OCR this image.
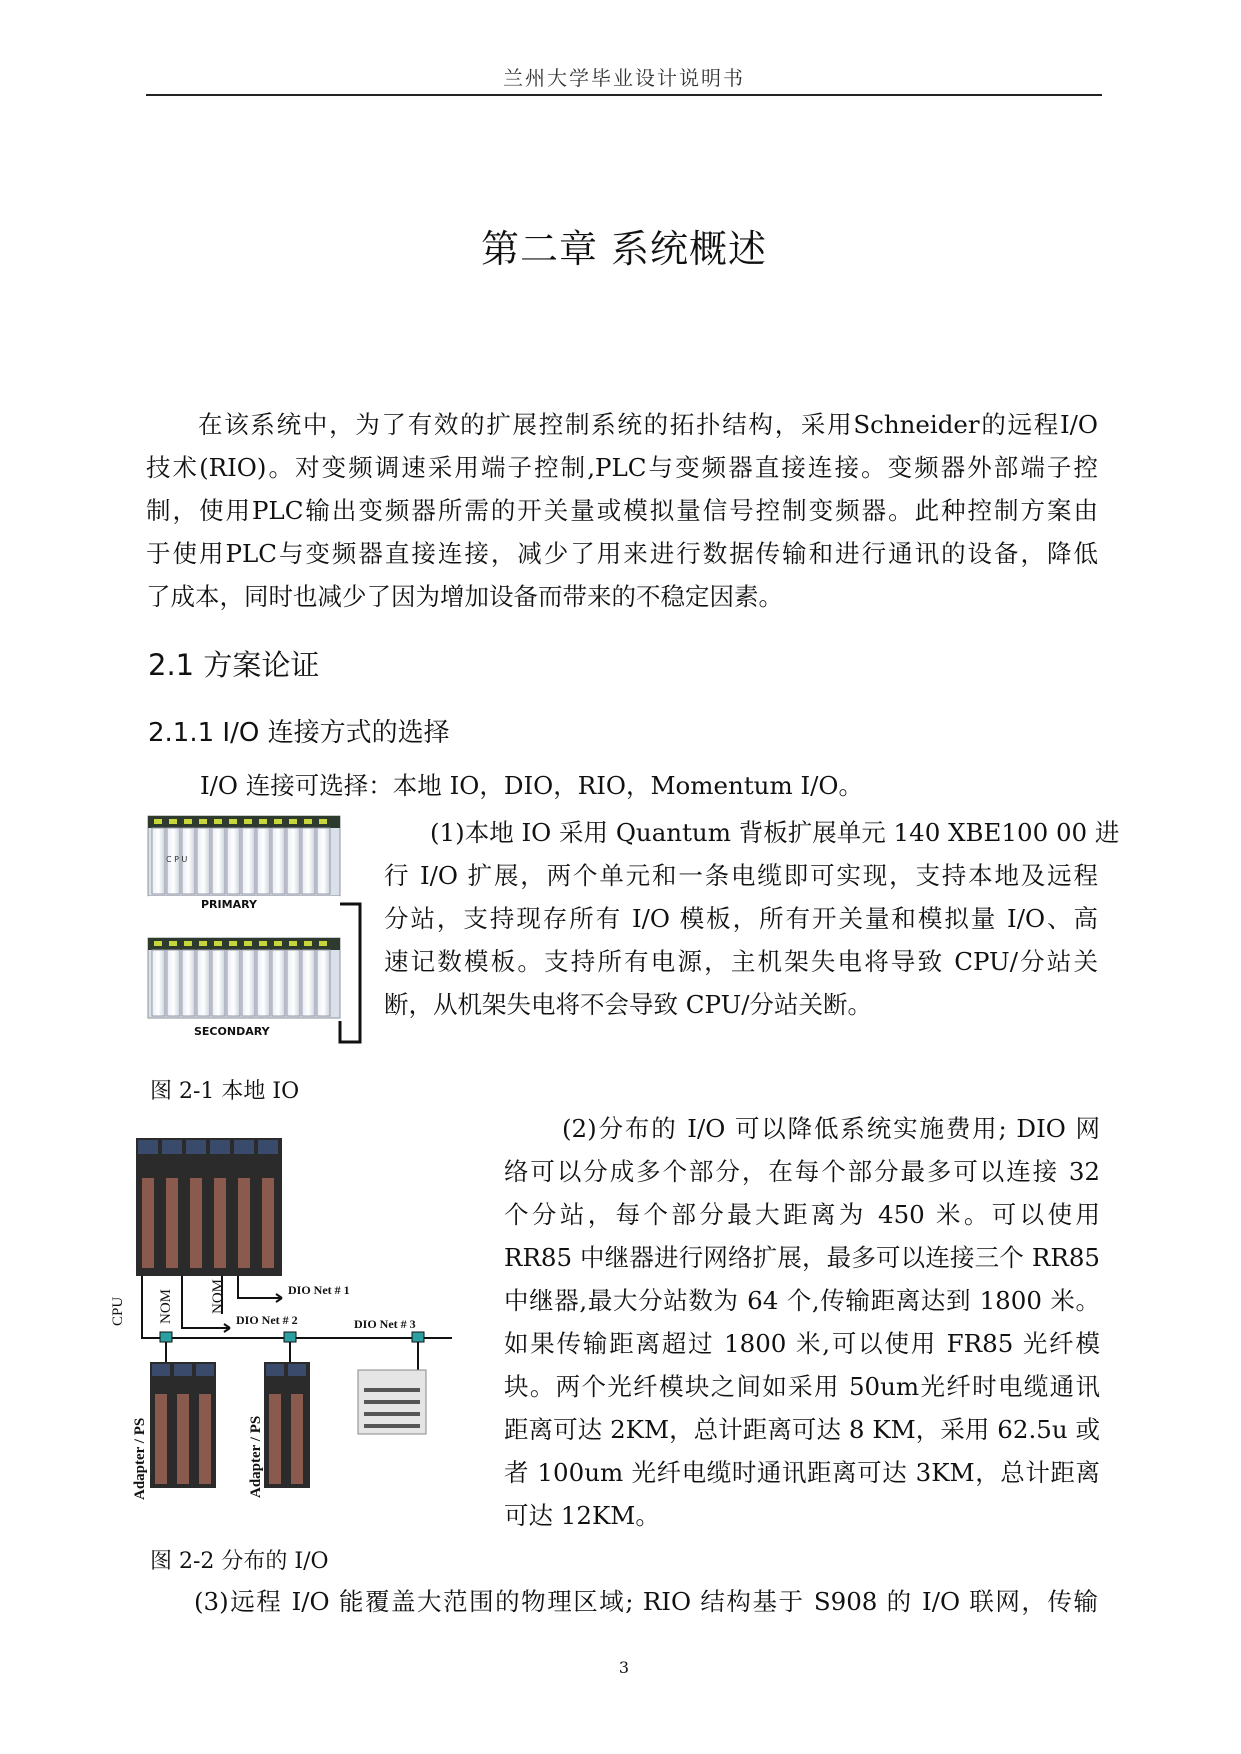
兰州大学毕业设计说明书
第二章 系统概述
在该系统中，为了有效的扩展控制系统的拓扑结构，采用Schneider的远程I/O
技术(RIO)。对变频调速采用端子控制,PLC与变频器直接连接。变频器外部端子控
制，使用PLC输出变频器所需的开关量或模拟量信号控制变频器。此种控制方案由
于使用PLC与变频器直接连接，减少了用来进行数据传输和进行通讯的设备，降低
了成本，同时也减少了因为增加设备而带来的不稳定因素。
2.1 方案论证
2.1.1 I/O 连接方式的选择
I/O 连接可选择：本地 IO，DIO，RIO，Momentum I/O。
C P U
PRIMARY
SECONDARY
(1)本地 IO 采用 Quantum 背板扩展单元 140 XBE100 00 进
行 I/O 扩展，两个单元和一条电缆即可实现，支持本地及远程
分站，支持现存所有 I/O 模板，所有开关量和模拟量 I/O、高
速记数模板。支持所有电源，主机架失电将导致 CPU/分站关
断，从机架失电将不会导致 CPU/分站关断。
图 2-1 本地 IO
CPU NOM NOM	DIO Net # 1
DIO Net # 2	DIO Net # 3
Adapter / PS	Adapter / PS
(2)分布的 I/O 可以降低系统实施费用; DIO 网
络可以分成多个部分，在每个部分最多可以连接 32
个分站，每个部分最大距离为 450 米。可以使用
RR85 中继器进行网络扩展，最多可以连接三个 RR85
中继器,最大分站数为 64 个,传输距离达到 1800 米。
如果传输距离超过 1800 米,可以使用 FR85 光纤模
块。两个光纤模块之间如采用 50um光纤时电缆通讯
距离可达 2KM，总计距离可达 8 KM，采用 62.5u 或
者 100um 光纤电缆时通讯距离可达 3KM，总计距离
可达 12KM。
图 2-2 分布的 I/O
(3)远程 I/O 能覆盖大范围的物理区域; RIO 结构基于 S908 的 I/O 联网，传输
3
